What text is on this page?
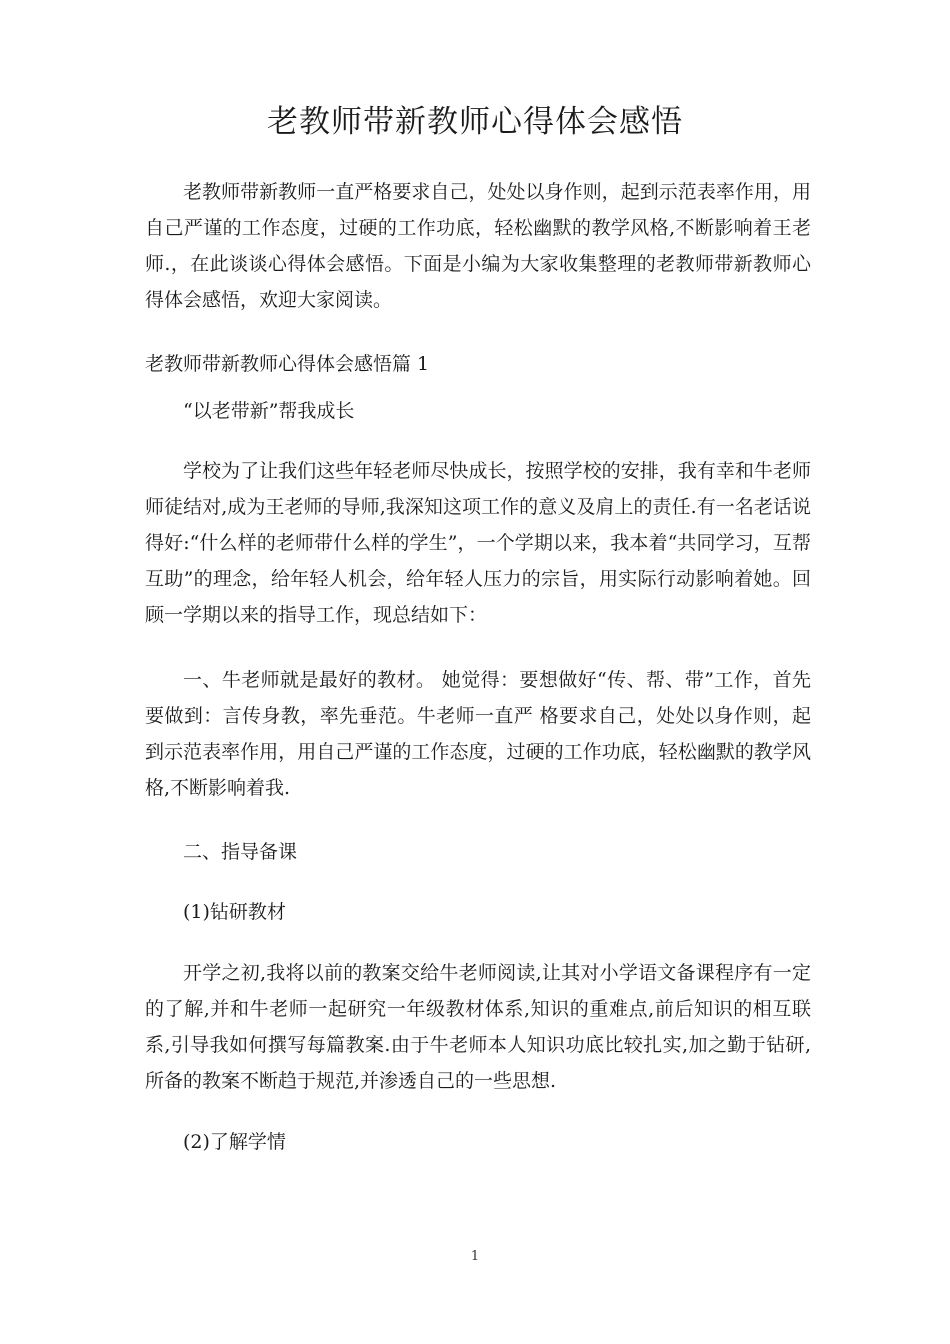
老教师带新教师心得体会感悟
老教师带新教师一直严格要求自己，处处以身作则，起到示范表率作用，用自己严谨的工作态度，过硬的工作功底，轻松幽默的教学风格,不断影响着王老师.，在此谈谈心得体会感悟。下面是小编为大家收集整理的老教师带新教师心得体会感悟，欢迎大家阅读。
老教师带新教师心得体会感悟篇 1
“以老带新”帮我成长
学校为了让我们这些年轻老师尽快成长，按照学校的安排，我有幸和牛老师师徒结对,成为王老师的导师,我深知这项工作的意义及肩上的责任.有一名老话说得好:“什么样的老师带什么样的学生”，一个学期以来，我本着“共同学习，互帮互助”的理念，给年轻人机会，给年轻人压力的宗旨，用实际行动影响着她。回顾一学期以来的指导工作，现总结如下：
一、牛老师就是最好的教材。 她觉得：要想做好“传、帮、带”工作，首先要做到：言传身教，率先垂范。牛老师一直严 格要求自己，处处以身作则，起到示范表率作用，用自己严谨的工作态度，过硬的工作功底，轻松幽默的教学风格,不断影响着我.
二、指导备课
(1)钻研教材
开学之初,我将以前的教案交给牛老师阅读,让其对小学语文备课程序有一定的了解,并和牛老师一起研究一年级教材体系,知识的重难点,前后知识的相互联系,引导我如何撰写每篇教案.由于牛老师本人知识功底比较扎实,加之勤于钻研,所备的教案不断趋于规范,并渗透自己的一些思想.
(2)了解学情
1
